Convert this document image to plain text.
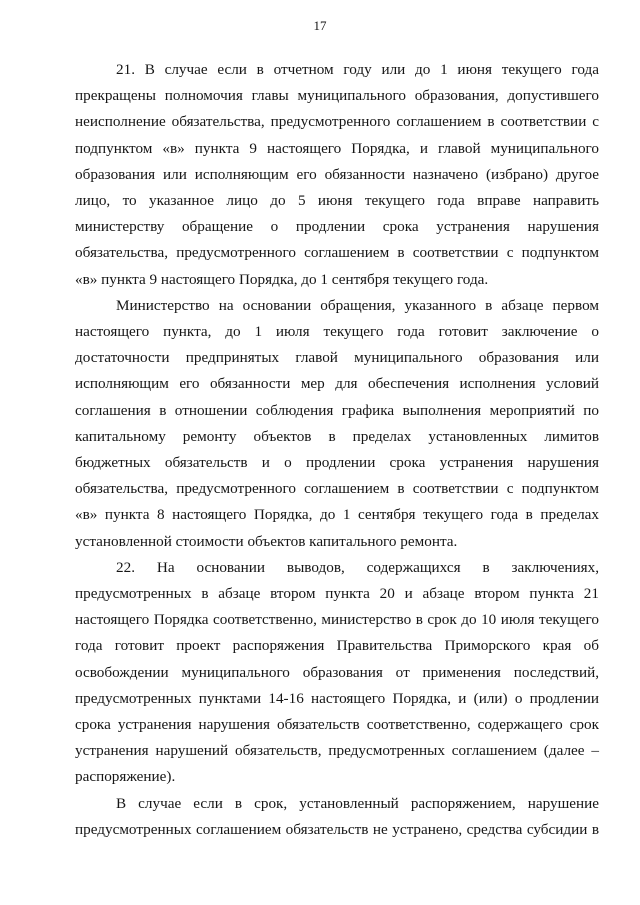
17

21. В случае если в отчетном году или до 1 июня текущего года прекращены полномочия главы муниципального образования, допустившего неисполнение обязательства, предусмотренного соглашением в соответствии с подпунктом «в» пункта 9 настоящего Порядка, и главой муниципального образования или исполняющим его обязанности назначено (избрано) другое лицо, то указанное лицо до 5 июня текущего года вправе направить министерству обращение о продлении срока устранения нарушения обязательства, предусмотренного соглашением в соответствии с подпунктом «в» пункта 9 настоящего Порядка, до 1 сентября текущего года.

Министерство на основании обращения, указанного в абзаце первом настоящего пункта, до 1 июля текущего года готовит заключение о достаточности предпринятых главой муниципального образования или исполняющим его обязанности мер для обеспечения исполнения условий соглашения в отношении соблюдения графика выполнения мероприятий по капитальному ремонту объектов в пределах установленных лимитов бюджетных обязательств и о продлении срока устранения нарушения обязательства, предусмотренного соглашением в соответствии с подпунктом «в» пункта 8 настоящего Порядка, до 1 сентября текущего года в пределах установленной стоимости объектов капитального ремонта.

22. На основании выводов, содержащихся в заключениях, предусмотренных в абзаце втором пункта 20 и абзаце втором пункта 21 настоящего Порядка соответственно, министерство в срок до 10 июля текущего года готовит проект распоряжения Правительства Приморского края об освобождении муниципального образования от применения последствий, предусмотренных пунктами 14-16 настоящего Порядка, и (или) о продлении срока устранения нарушения обязательств соответственно, содержащего срок устранения нарушений обязательств, предусмотренных соглашением (далее – распоряжение).

В случае если в срок, установленный распоряжением, нарушение предусмотренных соглашением обязательств не устранено, средства субсидии в
